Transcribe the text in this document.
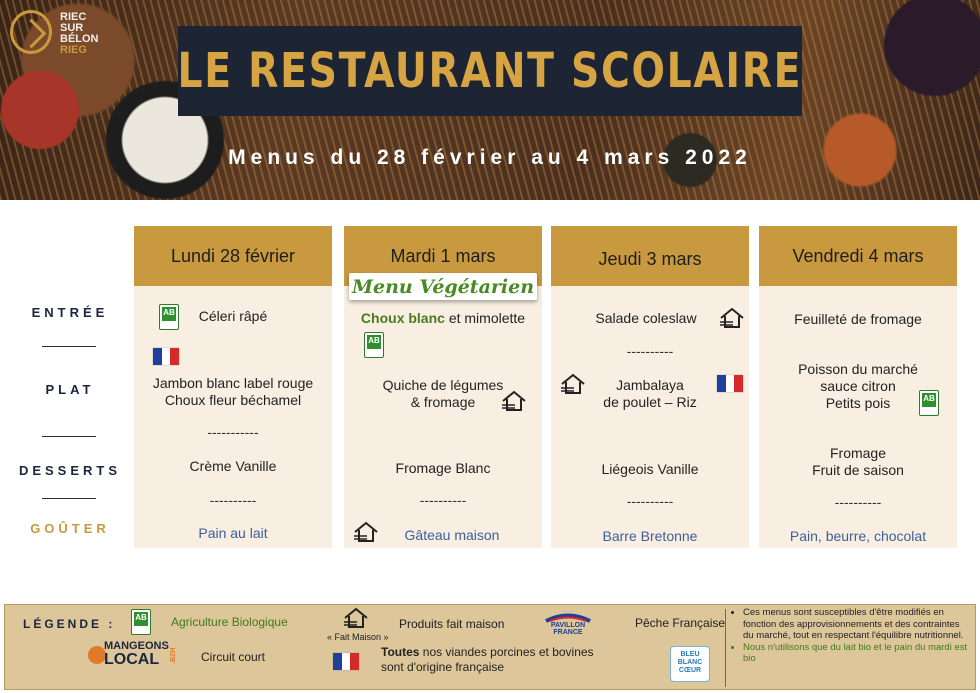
RIEC
SUR
BÉLON
RIEG LE RESTAURANT SCOLAIRE
Menus du 28 février au 4 mars 2022
ENTRÉE
PLAT
DESSERTS
GOÛTER
Lundi 28 février
Céleri râpé
Jambon blanc label rouge
Choux fleur béchamel
-----------
Crème Vanille
----------
Pain au lait
AB
Mardi 1 mars
Choux blanc et mimolette
Quiche de légumes
& fromage
Fromage Blanc
----------
Gâteau maison
Menu Végétarien
AB
Jeudi 3 mars
Salade coleslaw
----------
Jambalaya
de poulet – Riz
Liégeois Vanille
----------
Barre Bretonne
Vendredi 4 mars
Feuilleté de fromage
Poisson du marché
sauce citron
Petits pois
Fromage
Fruit de saison
----------
Pain, beurre, chocolat
AB
LÉGENDE :
AB	Agriculture Biologique
« Fait Maison »
Produits fait maison	Pêche Française
Circuit court	Toutes nos viandes porcines et bovines
sont d'origine française
• Ces menus sont susceptibles d'être modifiés en fonction des approvisionnements et des contraintes du marché, tout en respectant l'équilibre nutritionnel.
• Nous n'utilisons que du lait bio et le pain du mardi est bio
PAVILLON FRANCE
MANGEONS
LOCAL .BZH	BLEU BLANC CŒUR
